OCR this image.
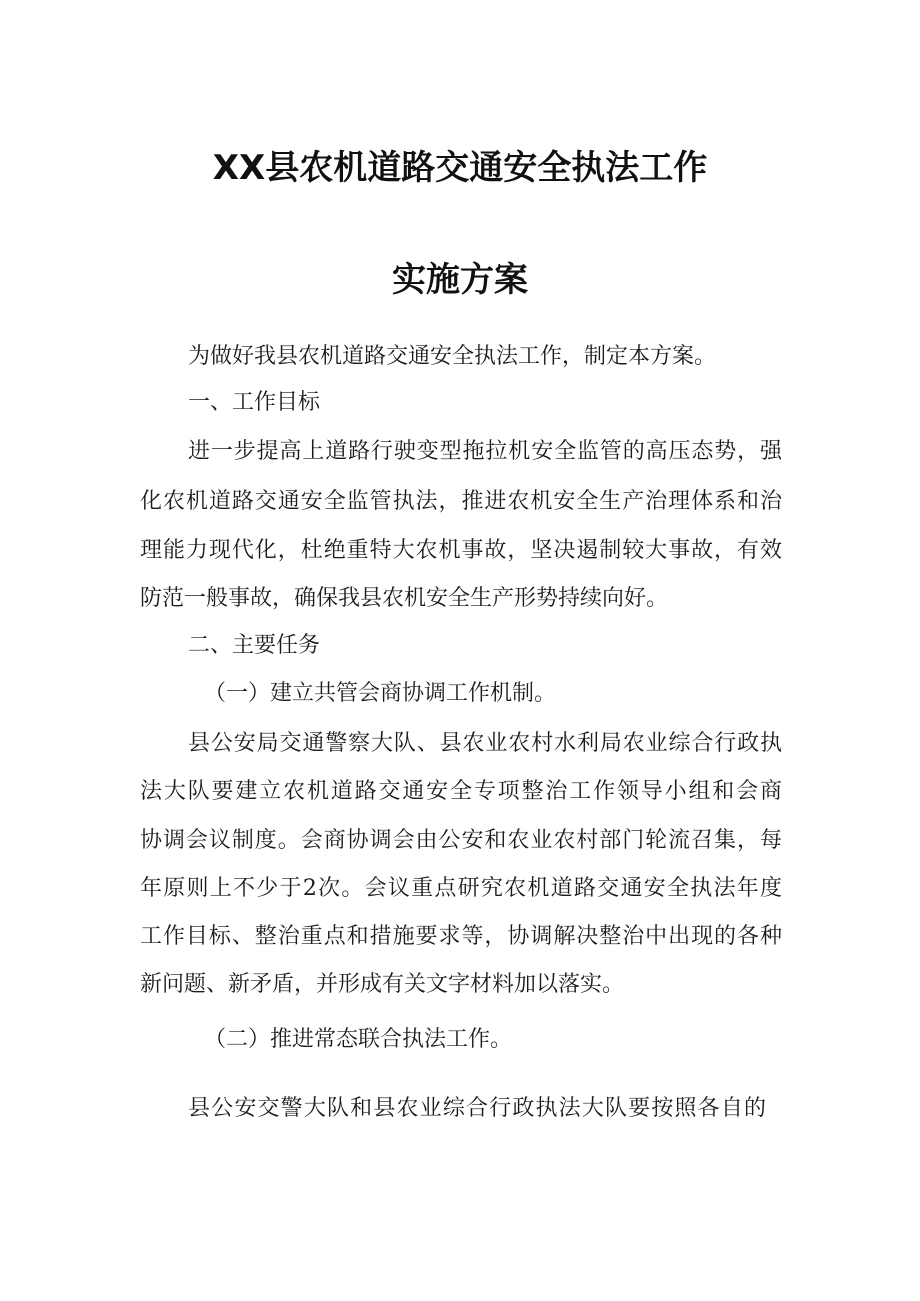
XX县农机道路交通安全执法工作
实施方案
为做好我县农机道路交通安全执法工作，制定本方案。
一、工作目标
进一步提高上道路行驶变型拖拉机安全监管的高压态势，强
化农机道路交通安全监管执法，推进农机安全生产治理体系和治
理能力现代化，杜绝重特大农机事故，坚决遏制较大事故，有效
防范一般事故，确保我县农机安全生产形势持续向好。
二、主要任务
（一）建立共管会商协调工作机制。
县公安局交通警察大队、县农业农村水利局农业综合行政执
法大队要建立农机道路交通安全专项整治工作领导小组和会商
协调会议制度。会商协调会由公安和农业农村部门轮流召集，每
年原则上不少于2次。会议重点研究农机道路交通安全执法年度
工作目标、整治重点和措施要求等，协调解决整治中出现的各种
新问题、新矛盾，并形成有关文字材料加以落实。
（二）推进常态联合执法工作。
县公安交警大队和县农业综合行政执法大队要按照各自的
